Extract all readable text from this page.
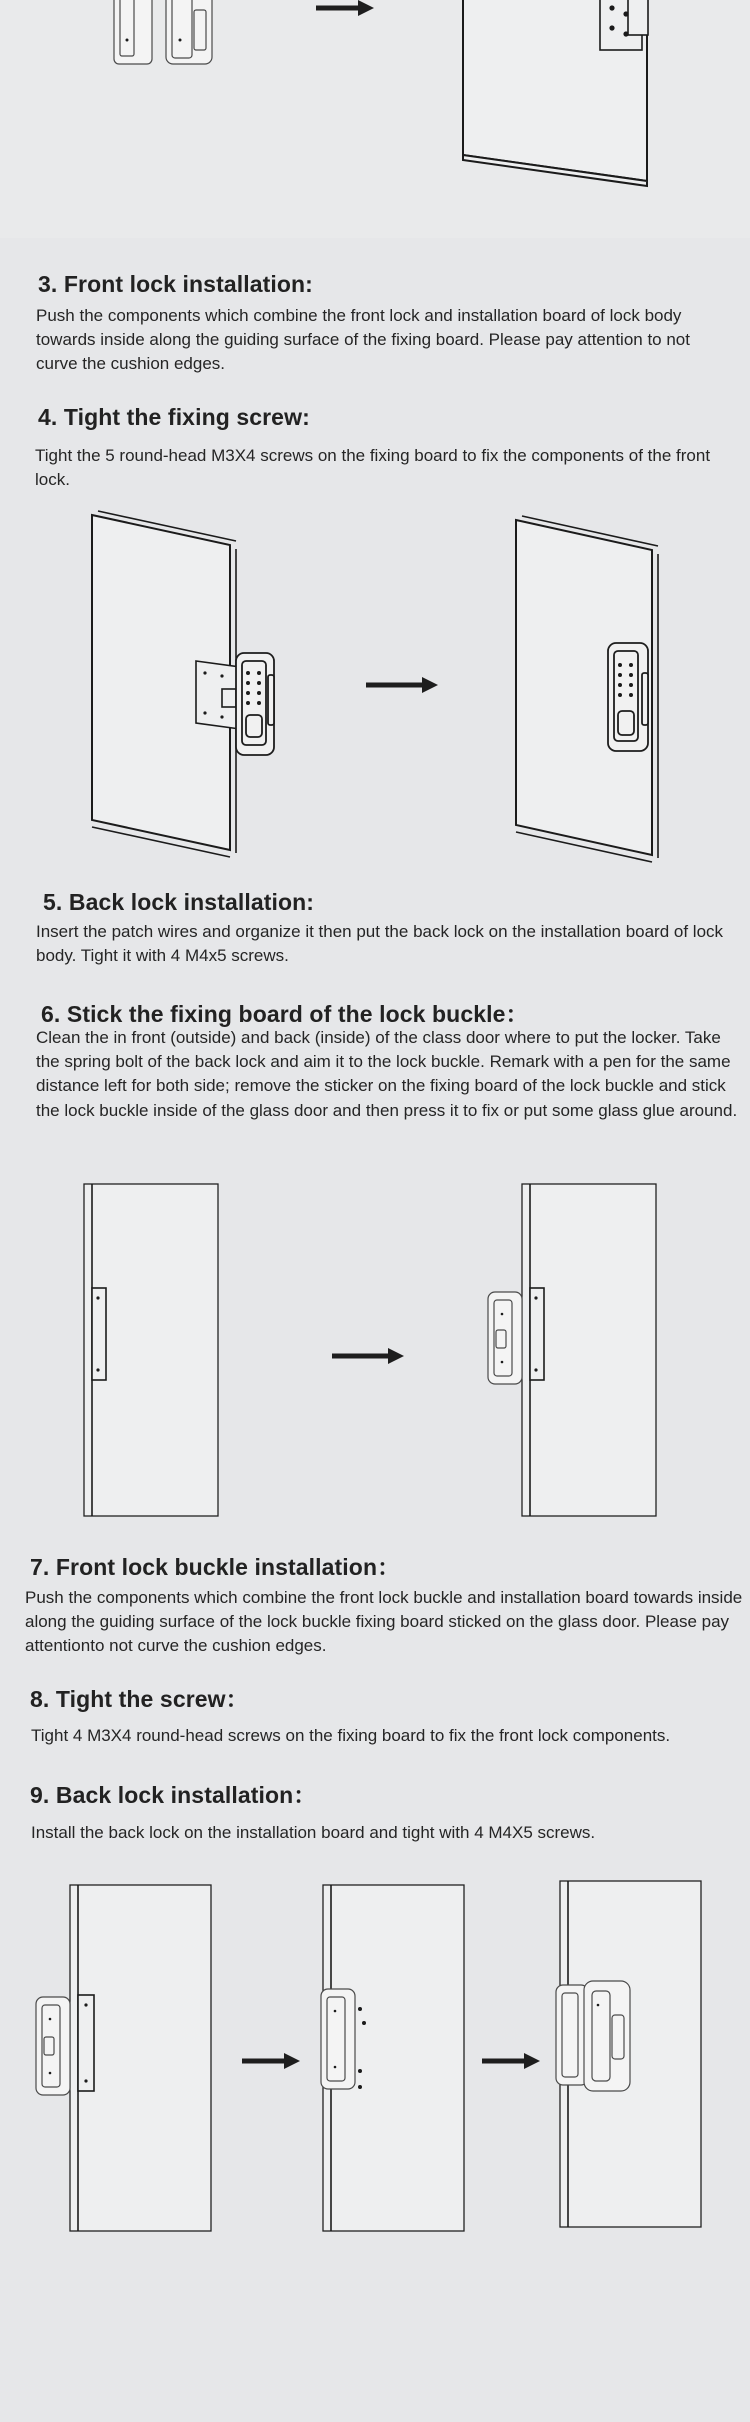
3. Front lock installation:
Push the components which combine the front lock and installation board of lock body towards inside along the guiding surface of the fixing board. Please pay attention to not curve the cushion edges.
4. Tight the fixing screw:
Tight the 5 round-head M3X4 screws on the fixing board to fix the components of the front lock.
5. Back lock installation:
Insert the patch wires and organize it then put the back lock on the installation board of lock body. Tight it with 4 M4x5 screws.
6. Stick the fixing board of the lock buckle：
Clean the in front (outside) and back (inside) of the class door where to put the locker. Take the spring bolt of the back lock and aim it to the lock buckle. Remark with a pen for the same distance left for both side; remove the sticker on the fixing board of the lock buckle and stick the lock buckle inside of the glass door and then press it to fix or put some glass glue around.
7. Front lock buckle installation：
Push the components which combine the front lock buckle and installation board towards inside along the guiding surface of the lock buckle fixing board sticked on the glass door. Please pay attentionto not curve the cushion edges.
8. Tight the screw：
Tight 4 M3X4 round-head screws on the fixing board to fix the front lock components.
9. Back lock installation：
Install the back lock on the installation board and tight with 4 M4X5 screws.
